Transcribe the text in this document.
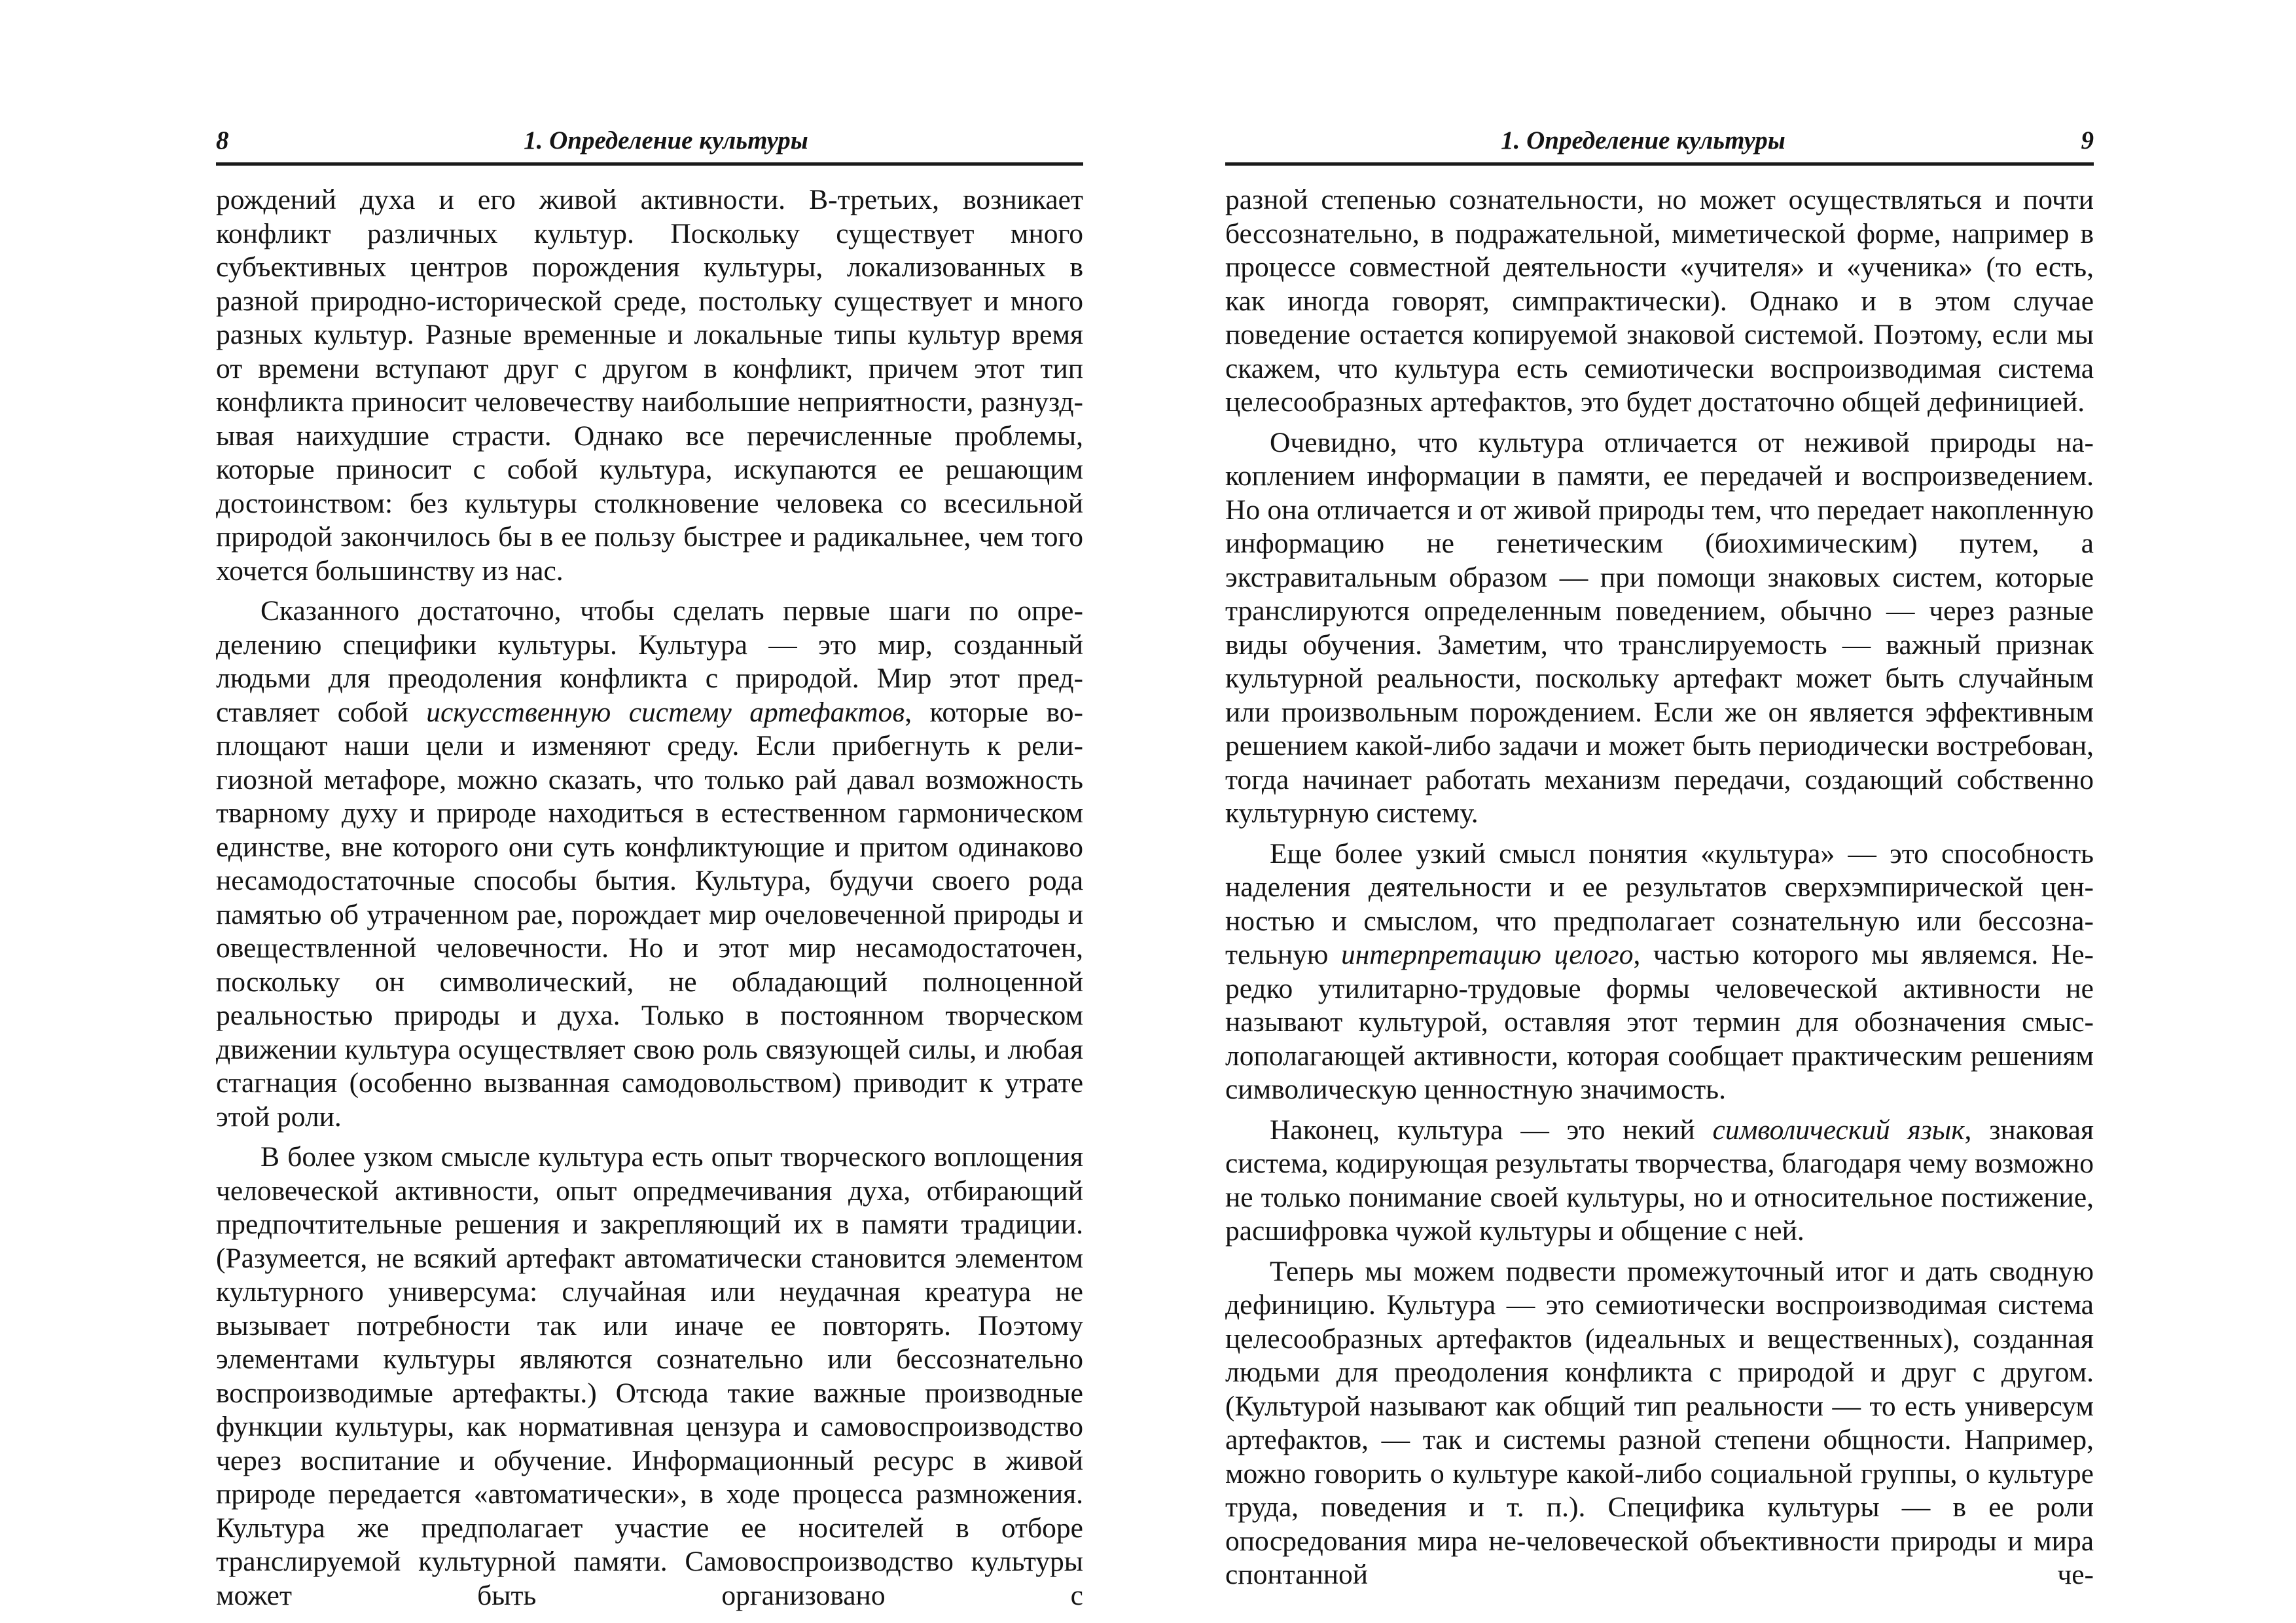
8	1. Определение культуры

рождений духа и его живой активности. В-третьих, возникает конфликт различных культур. Поскольку существует много субъективных центров порождения культуры, локализованных в разной природно-исторической среде, постольку существует и много разных культур. Разные временные и локальные типы культур время от времени вступают друг с другом в конфликт, причем этот тип конфликта приносит человечеству наибольшие неприятности, разнуздывая наихудшие страсти. Однако все перечисленные проблемы, которые приносит с собой культура, искупаются ее решающим достоинством: без культуры столкновение человека со всесильной природой закончилось бы в ее пользу быстрее и радикальнее, чем того хочется большинству из нас.

Сказанного достаточно, чтобы сделать первые шаги по определению специфики культуры. Культура — это мир, созданный людьми для преодоления конфликта с природой. Мир этот представляет собой искусственную систему артефактов, которые воплощают наши цели и изменяют среду. Если прибегнуть к религиозной метафоре, можно сказать, что только рай давал возможность тварному духу и природе находиться в естественном гармоническом единстве, вне которого они суть конфликтующие и притом одинаково несамодостаточные способы бытия. Культура, будучи своего рода памятью об утраченном рае, порождает мир очеловеченной природы и овеществленной человечности. Но и этот мир несамодостаточен, поскольку он символический, не обладающий полноценной реальностью природы и духа. Только в постоянном творческом движении культура осуществляет свою роль связующей силы, и любая стагнация (особенно вызванная самодовольством) приводит к утрате этой роли.

В более узком смысле культура есть опыт творческого воплощения человеческой активности, опыт опредмечивания духа, отбирающий предпочтительные решения и закрепляющий их в памяти традиции. (Разумеется, не всякий артефакт автоматически становится элементом культурного универсума: случайная или неудачная креатура не вызывает потребности так или иначе ее повторять. Поэтому элементами культуры являются сознательно или бессознательно воспроизводимые артефакты.) Отсюда такие важные производные функции культуры, как нормативная цензура и самовоспроизводство через воспитание и обучение. Информационный ресурс в живой природе передается «автоматически», в ходе процесса размножения. Культура же предполагает участие ее носителей в отборе транслируемой культурной памяти. Самовоспроизводство культуры может быть организовано с

1. Определение культуры	9

разной степенью сознательности, но может осуществляться и почти бессознательно, в подражательной, миметической форме, например в процессе совместной деятельности «учителя» и «ученика» (то есть, как иногда говорят, симпрактически). Однако и в этом случае поведение остается копируемой знаковой системой. Поэтому, если мы скажем, что культура есть семиотически воспроизводимая система целесообразных артефактов, это будет достаточно общей дефиницией.

Очевидно, что культура отличается от неживой природы накоплением информации в памяти, ее передачей и воспроизведением. Но она отличается и от живой природы тем, что передает накопленную информацию не генетическим (биохимическим) путем, а экстравитальным образом — при помощи знаковых систем, которые транслируются определенным поведением, обычно — через разные виды обучения. Заметим, что транслируемость — важный признак культурной реальности, поскольку артефакт может быть случайным или произвольным порождением. Если же он является эффективным решением какой-либо задачи и может быть периодически востребован, тогда начинает работать механизм передачи, создающий собственно культурную систему.

Еще более узкий смысл понятия «культура» — это способность наделения деятельности и ее результатов сверхэмпирической ценностью и смыслом, что предполагает сознательную или бессознательную интерпретацию целого, частью которого мы являемся. Нередко утилитарно-трудовые формы человеческой активности не называют культурой, оставляя этот термин для обозначения смыслополагающей активности, которая сообщает практическим решениям символическую ценностную значимость.

Наконец, культура — это некий символический язык, знаковая система, кодирующая результаты творчества, благодаря чему возможно не только понимание своей культуры, но и относительное постижение, расшифровка чужой культуры и общение с ней.

Теперь мы можем подвести промежуточный итог и дать сводную дефиницию. Культура — это семиотически воспроизводимая система целесообразных артефактов (идеальных и вещественных), созданная людьми для преодоления конфликта с природой и друг с другом. (Культурой называют как общий тип реальности — то есть универсум артефактов, — так и системы разной степени общности. Например, можно говорить о культуре какой-либо социальной группы, о культуре труда, поведения и т. п.). Специфика культуры — в ее роли опосредования мира не-человеческой объективности природы и мира спонтанной че-
